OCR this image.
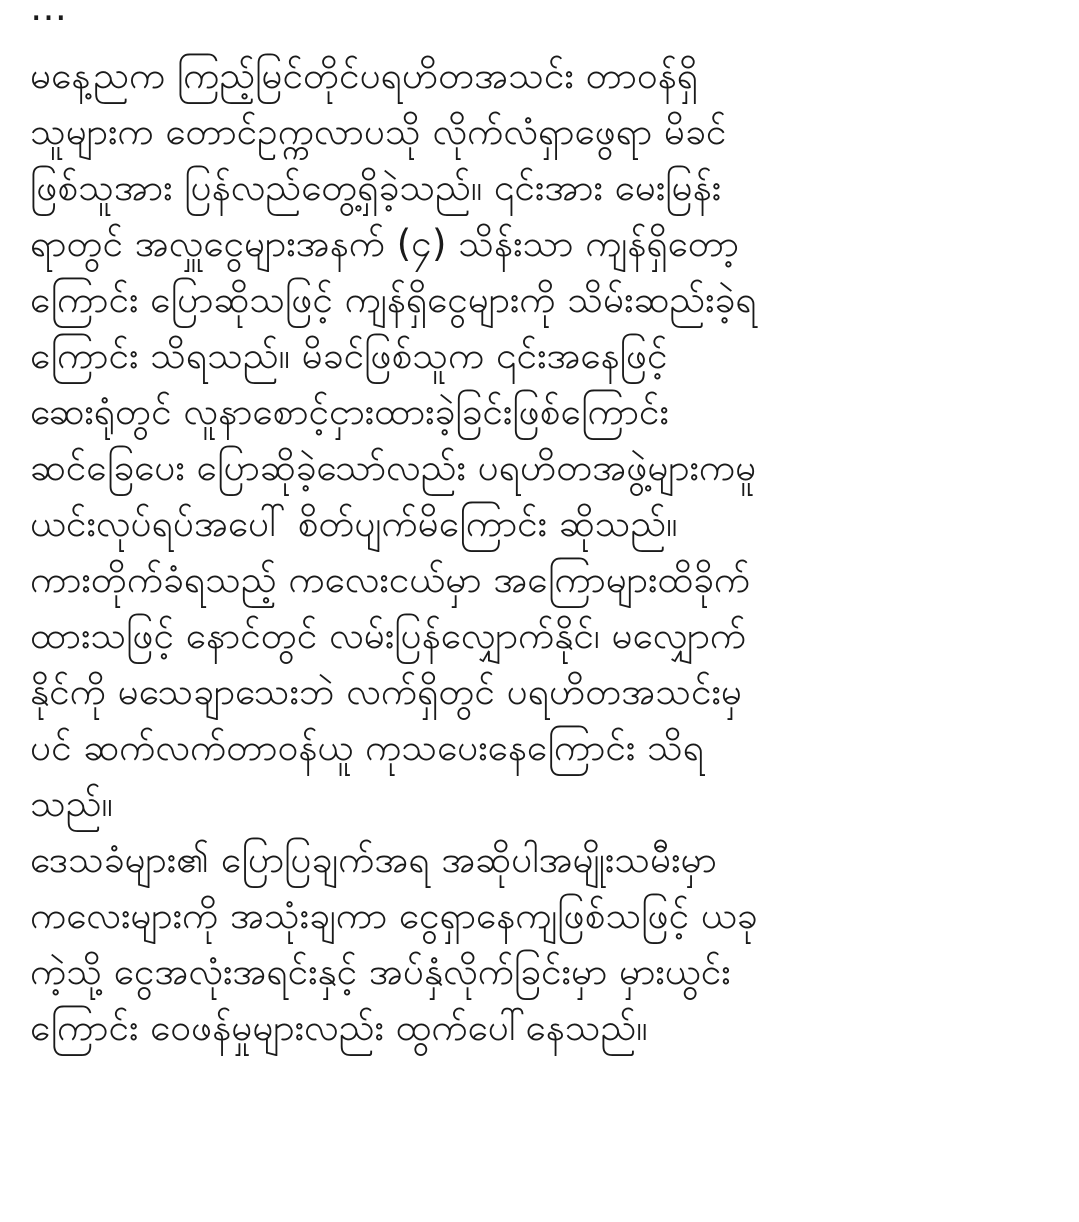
မနေ့ညက ကြည့်မြင်တိုင်ပရဟိတအသင်း တာဝန်ရှိ
သူများက တောင်ဥက္ကလာပသို လိုက်လံရှာဖွေရာ မိခင်
ဖြစ်သူအား ပြန်လည်တွေ့ရှိခဲ့သည်။ ၎င်းအား မေးမြန်း
ရာတွင် အလှူငွေများအနက် (၄) သိန်းသာ ကျန်ရှိတော့
ကြောင်း ပြောဆိုသဖြင့် ကျန်ရှိငွေများကို သိမ်းဆည်းခဲ့ရ
ကြောင်း သိရသည်။ မိခင်ဖြစ်သူက ၎င်းအနေဖြင့်
ဆေးရုံတွင် လူနာစောင့်ငှားထားခဲ့ခြင်းဖြစ်ကြောင်း
ဆင်ခြေပေး ပြောဆိုခဲ့သော်လည်း ပရဟိတအဖွဲ့များကမူ
ယင်းလုပ်ရပ်အပေါ် စိတ်ပျက်မိကြောင်း ဆိုသည်။
ကားတိုက်ခံရသည့် ကလေးငယ်မှာ အကြောများထိခိုက်
ထားသဖြင့် နောင်တွင် လမ်းပြန်လျှောက်နိုင်၊ မလျှောက်
နိုင်ကို မသေချာသေးဘဲ လက်ရှိတွင် ပရဟိတအသင်းမှ
ပင် ဆက်လက်တာဝန်ယူ ကုသပေးနေကြောင်း သိရ
သည်။
ဒေသခံများ၏ ပြောပြချက်အရ အဆိုပါအမျိုးသမီးမှာ
ကလေးများကို အသုံးချကာ ငွေရှာနေကျဖြစ်သဖြင့် ယခု
ကဲ့သို့ ငွေအလုံးအရင်းနှင့် အပ်နှံလိုက်ခြင်းမှာ မှားယွင်း
ကြောင်း ဝေဖန်မှုများလည်း ထွက်ပေါ်နေသည်။
